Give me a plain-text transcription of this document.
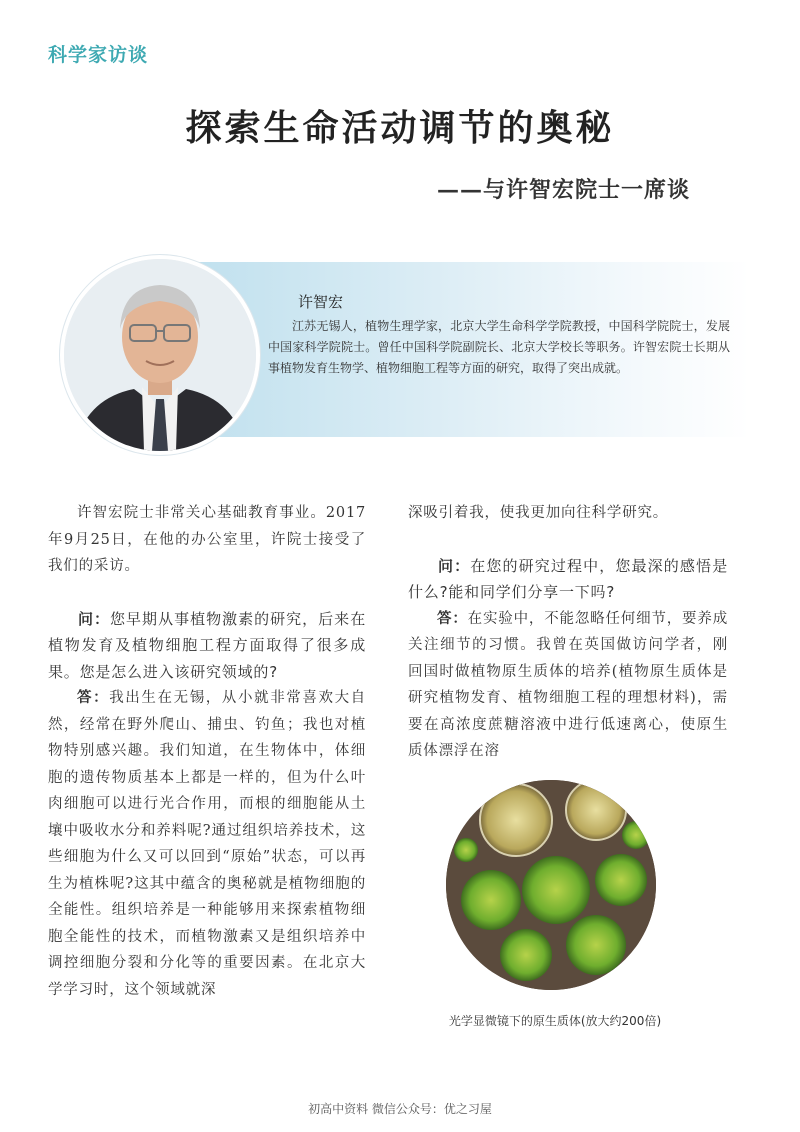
科学家访谈
探索生命活动调节的奥秘
——与许智宏院士一席谈
许智宏
江苏无锡人，植物生理学家，北京大学生命科学学院教授，中国科学院院士，发展中国家科学院院士。曾任中国科学院副院长、北京大学校长等职务。许智宏院士长期从事植物发育生物学、植物细胞工程等方面的研究，取得了突出成就。

许智宏院士非常关心基础教育事业。2017年9月25日，在他的办公室里，许院士接受了我们的采访。

问：您早期从事植物激素的研究，后来在植物发育及植物细胞工程方面取得了很多成果。您是怎么进入该研究领域的?

答：我出生在无锡，从小就非常喜欢大自然，经常在野外爬山、捕虫、钓鱼；我也对植物特别感兴趣。我们知道，在生物体中，体细胞的遗传物质基本上都是一样的，但为什么叶肉细胞可以进行光合作用，而根的细胞能从土壤中吸收水分和养料呢?通过组织培养技术，这些细胞为什么又可以回到“原始”状态，可以再生为植株呢?这其中蕴含的奥秘就是植物细胞的全能性。组织培养是一种能够用来探索植物细胞全能性的技术，而植物激素又是组织培养中调控细胞分裂和分化等的重要因素。在北京大学学习时，这个领域就深

深吸引着我，使我更加向往科学研究。

问：在您的研究过程中，您最深的感悟是什么?能和同学们分享一下吗?

答：在实验中，不能忽略任何细节，要养成关注细节的习惯。我曾在英国做访问学者，刚回国时做植物原生质体的培养(植物原生质体是研究植物发育、植物细胞工程的理想材料)，需要在高浓度蔗糖溶液中进行低速离心，使原生质体漂浮在溶

光学显微镜下的原生质体(放大约200倍)
初高中资料 微信公众号：优之习屋
